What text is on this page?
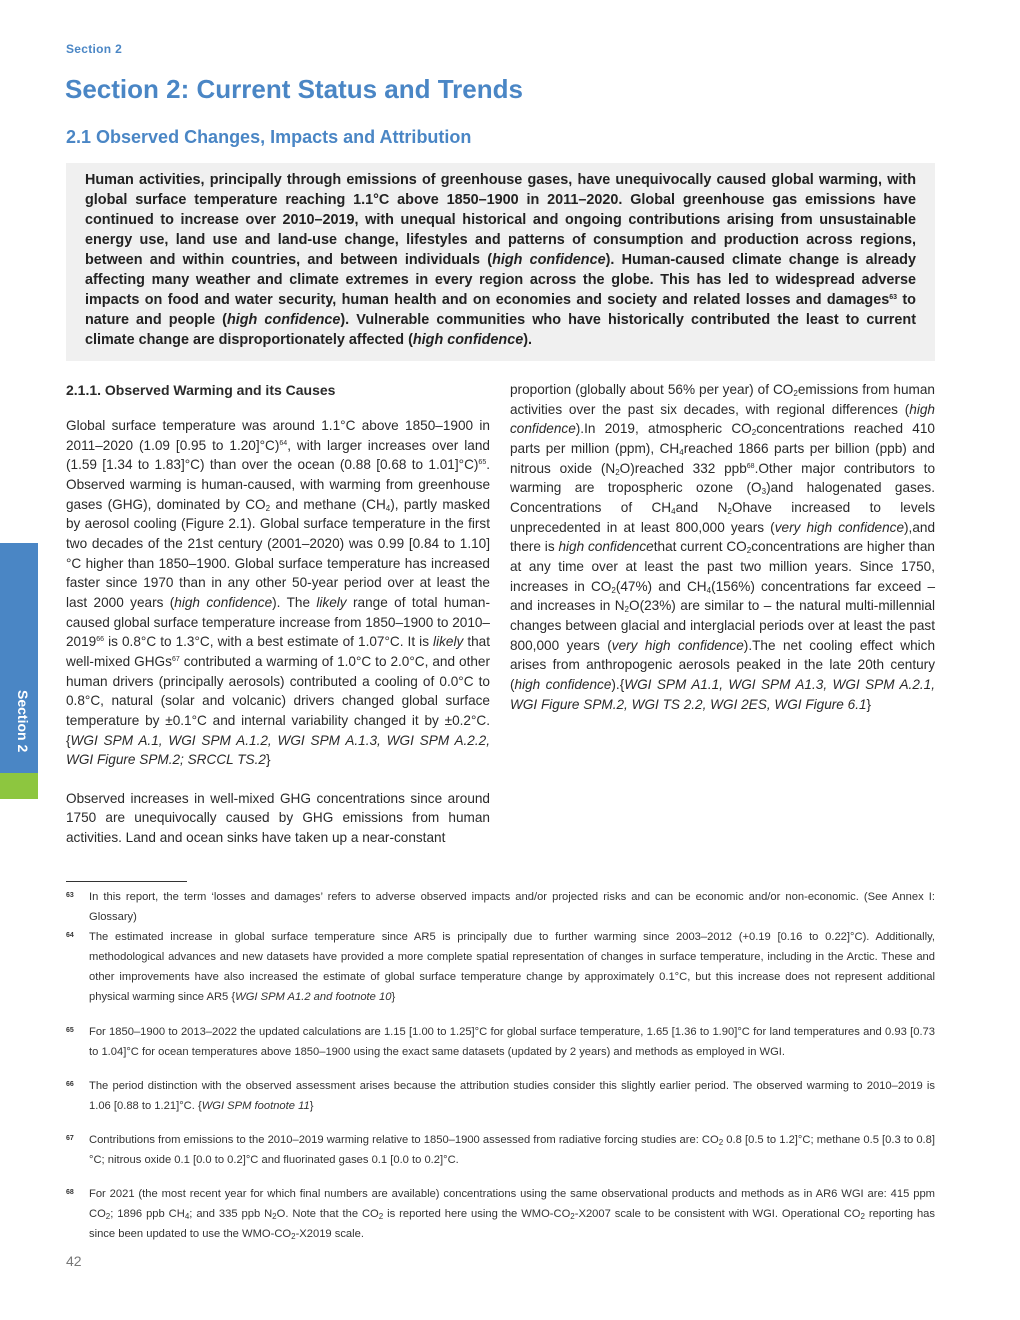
Section 2
Section 2: Current Status and Trends
2.1 Observed Changes, Impacts and Attribution

Human activities, principally through emissions of greenhouse gases, have unequivocally caused global warming, with global surface temperature reaching 1.1°C above 1850–1900 in 2011–2020. Global greenhouse gas emissions have continued to increase over 2010–2019, with unequal historical and ongoing contributions arising from unsustainable energy use, land use and land-use change, lifestyles and patterns of consumption and production across regions, between and within countries, and between individuals (high confidence). Human-caused climate change is already affecting many weather and climate extremes in every region across the globe. This has led to widespread adverse impacts on food and water security, human health and on economies and society and related losses and damages$^{63}$ to nature and people (high confidence). Vulnerable communities who have historically contributed the least to current climate change are disproportionately affected (high confidence).

2.1.1. Observed Warming and its Causes

Global surface temperature was around 1.1°C above 1850–1900 in 2011–2020 (1.09 [0.95 to 1.20]°C)$^{64}$, with larger increases over land (1.59 [1.34 to 1.83]°C) than over the ocean (0.88 [0.68 to 1.01]°C)$^{65}$. Observed warming is human-caused, with warming from greenhouse gases (GHG), dominated by $CO_2$ and methane $(CH_4)$, partly masked by aerosol cooling (Figure 2.1). Global surface temperature in the first two decades of the 21st century (2001–2020) was 0.99 [0.84 to 1.10]°C higher than 1850–1900. Global surface temperature has increased faster since 1970 than in any other 50-year period over at least the last 2000 years (high confidence). The likely range of total human-caused global surface temperature increase from 1850–1900 to 2010–2019$^{66}$ is 0.8°C to 1.3°C, with a best estimate of 1.07°C. It is likely that well-mixed GHGs$^{67}$ contributed a warming of 1.0°C to 2.0°C, and other human drivers (principally aerosols) contributed a cooling of 0.0°C to 0.8°C, natural (solar and volcanic) drivers changed global surface temperature by ±0.1°C and internal variability changed it by ±0.2°C. {WGI SPM A.1, WGI SPM A.1.2, WGI SPM A.1.3, WGI SPM A.2.2, WGI Figure SPM.2; SRCCL TS.2}

Observed increases in well-mixed GHG concentrations since around 1750 are unequivocally caused by GHG emissions from human activities. Land and ocean sinks have taken up a near-constant

63 In this report, the term ‘losses and damages’ refers to adverse observed impacts and/or projected risks and can be economic and/or non-economic. (See Annex I: Glossary)
64 The estimated increase in global surface temperature since AR5 is principally due to further warming since 2003–2012 (+0.19 [0.16 to 0.22]°C). Additionally, methodological advances and new datasets have provided a more complete spatial representation of changes in surface temperature, including in the Arctic. These and other improvements have also increased the estimate of global surface temperature change by approximately 0.1°C, but this increase does not represent additional physical warming since AR5 {WGI SPM A1.2 and footnote 10}
65 For 1850–1900 to 2013–2022 the updated calculations are 1.15 [1.00 to 1.25]°C for global surface temperature, 1.65 [1.36 to 1.90]°C for land temperatures and 0.93 [0.73 to 1.04]°C for ocean temperatures above 1850–1900 using the exact same datasets (updated by 2 years) and methods as employed in WGI.
66 The period distinction with the observed assessment arises because the attribution studies consider this slightly earlier period. The observed warming to 2010–2019 is 1.06 [0.88 to 1.21]°C. {WGI SPM footnote 11}
67 Contributions from emissions to the 2010–2019 warming relative to 1850–1900 assessed from radiative forcing studies are: $CO_2$ 0.8 [0.5 to 1.2]°C; methane 0.5 [0.3 to 0.8]°C; nitrous oxide 0.1 [0.0 to 0.2]°C and fluorinated gases 0.1 [0.0 to 0.2]°C.
68 For 2021 (the most recent year for which final numbers are available) concentrations using the same observational products and methods as in AR6 WGI are: 415 ppm $CO_2$; 1896 ppb $CH_4$; and 335 ppb $N_2O$. Note that the $CO_2$ is reported here using the WMO-$CO_2-X2007$ scale to be consistent with WGI. Operational $CO_2$ reporting has since been updated to use the WMO-$CO_2-X2019$ scale.
42
Section 2

proportion (globally about 56% per year) of $CO_2emissions$ from human activities over the past six decades, with regional differences (high confidence).In 2019, atmospheric $CO_2concentrations$ reached 410 parts per million (ppm), $CH_4reached$ 1866 parts per billion (ppb) and nitrous oxide $(N_2O)reached$ 332 ppb$^{68}$.Other major contributors to warming are tropospheric ozone $(O_3)and$ halogenated gases. Concentrations of $CH_4and$ $N_2Ohave$ increased to levels unprecedented in at least 800,000 years (very high confidence),and there is high confidencethat current $CO_2concentrations$ are higher than at any time over at least the past two million years. Since 1750, increases in $CO_2(47\%)$ and $CH_4(156\%)$ concentrations far exceed – and increases in $N_2O(23\%)$ are similar to – the natural multi-millennial changes between glacial and interglacial periods over at least the past 800,000 years (very high confidence).The net cooling effect which arises from anthropogenic aerosols peaked in the late 20th century (high confidence).{WGI SPM A1.1, WGI SPM A1.3, WGI SPM A.2.1, WGI Figure SPM.2, WGI TS 2.2, WGI 2ES, WGI Figure 6.1}
